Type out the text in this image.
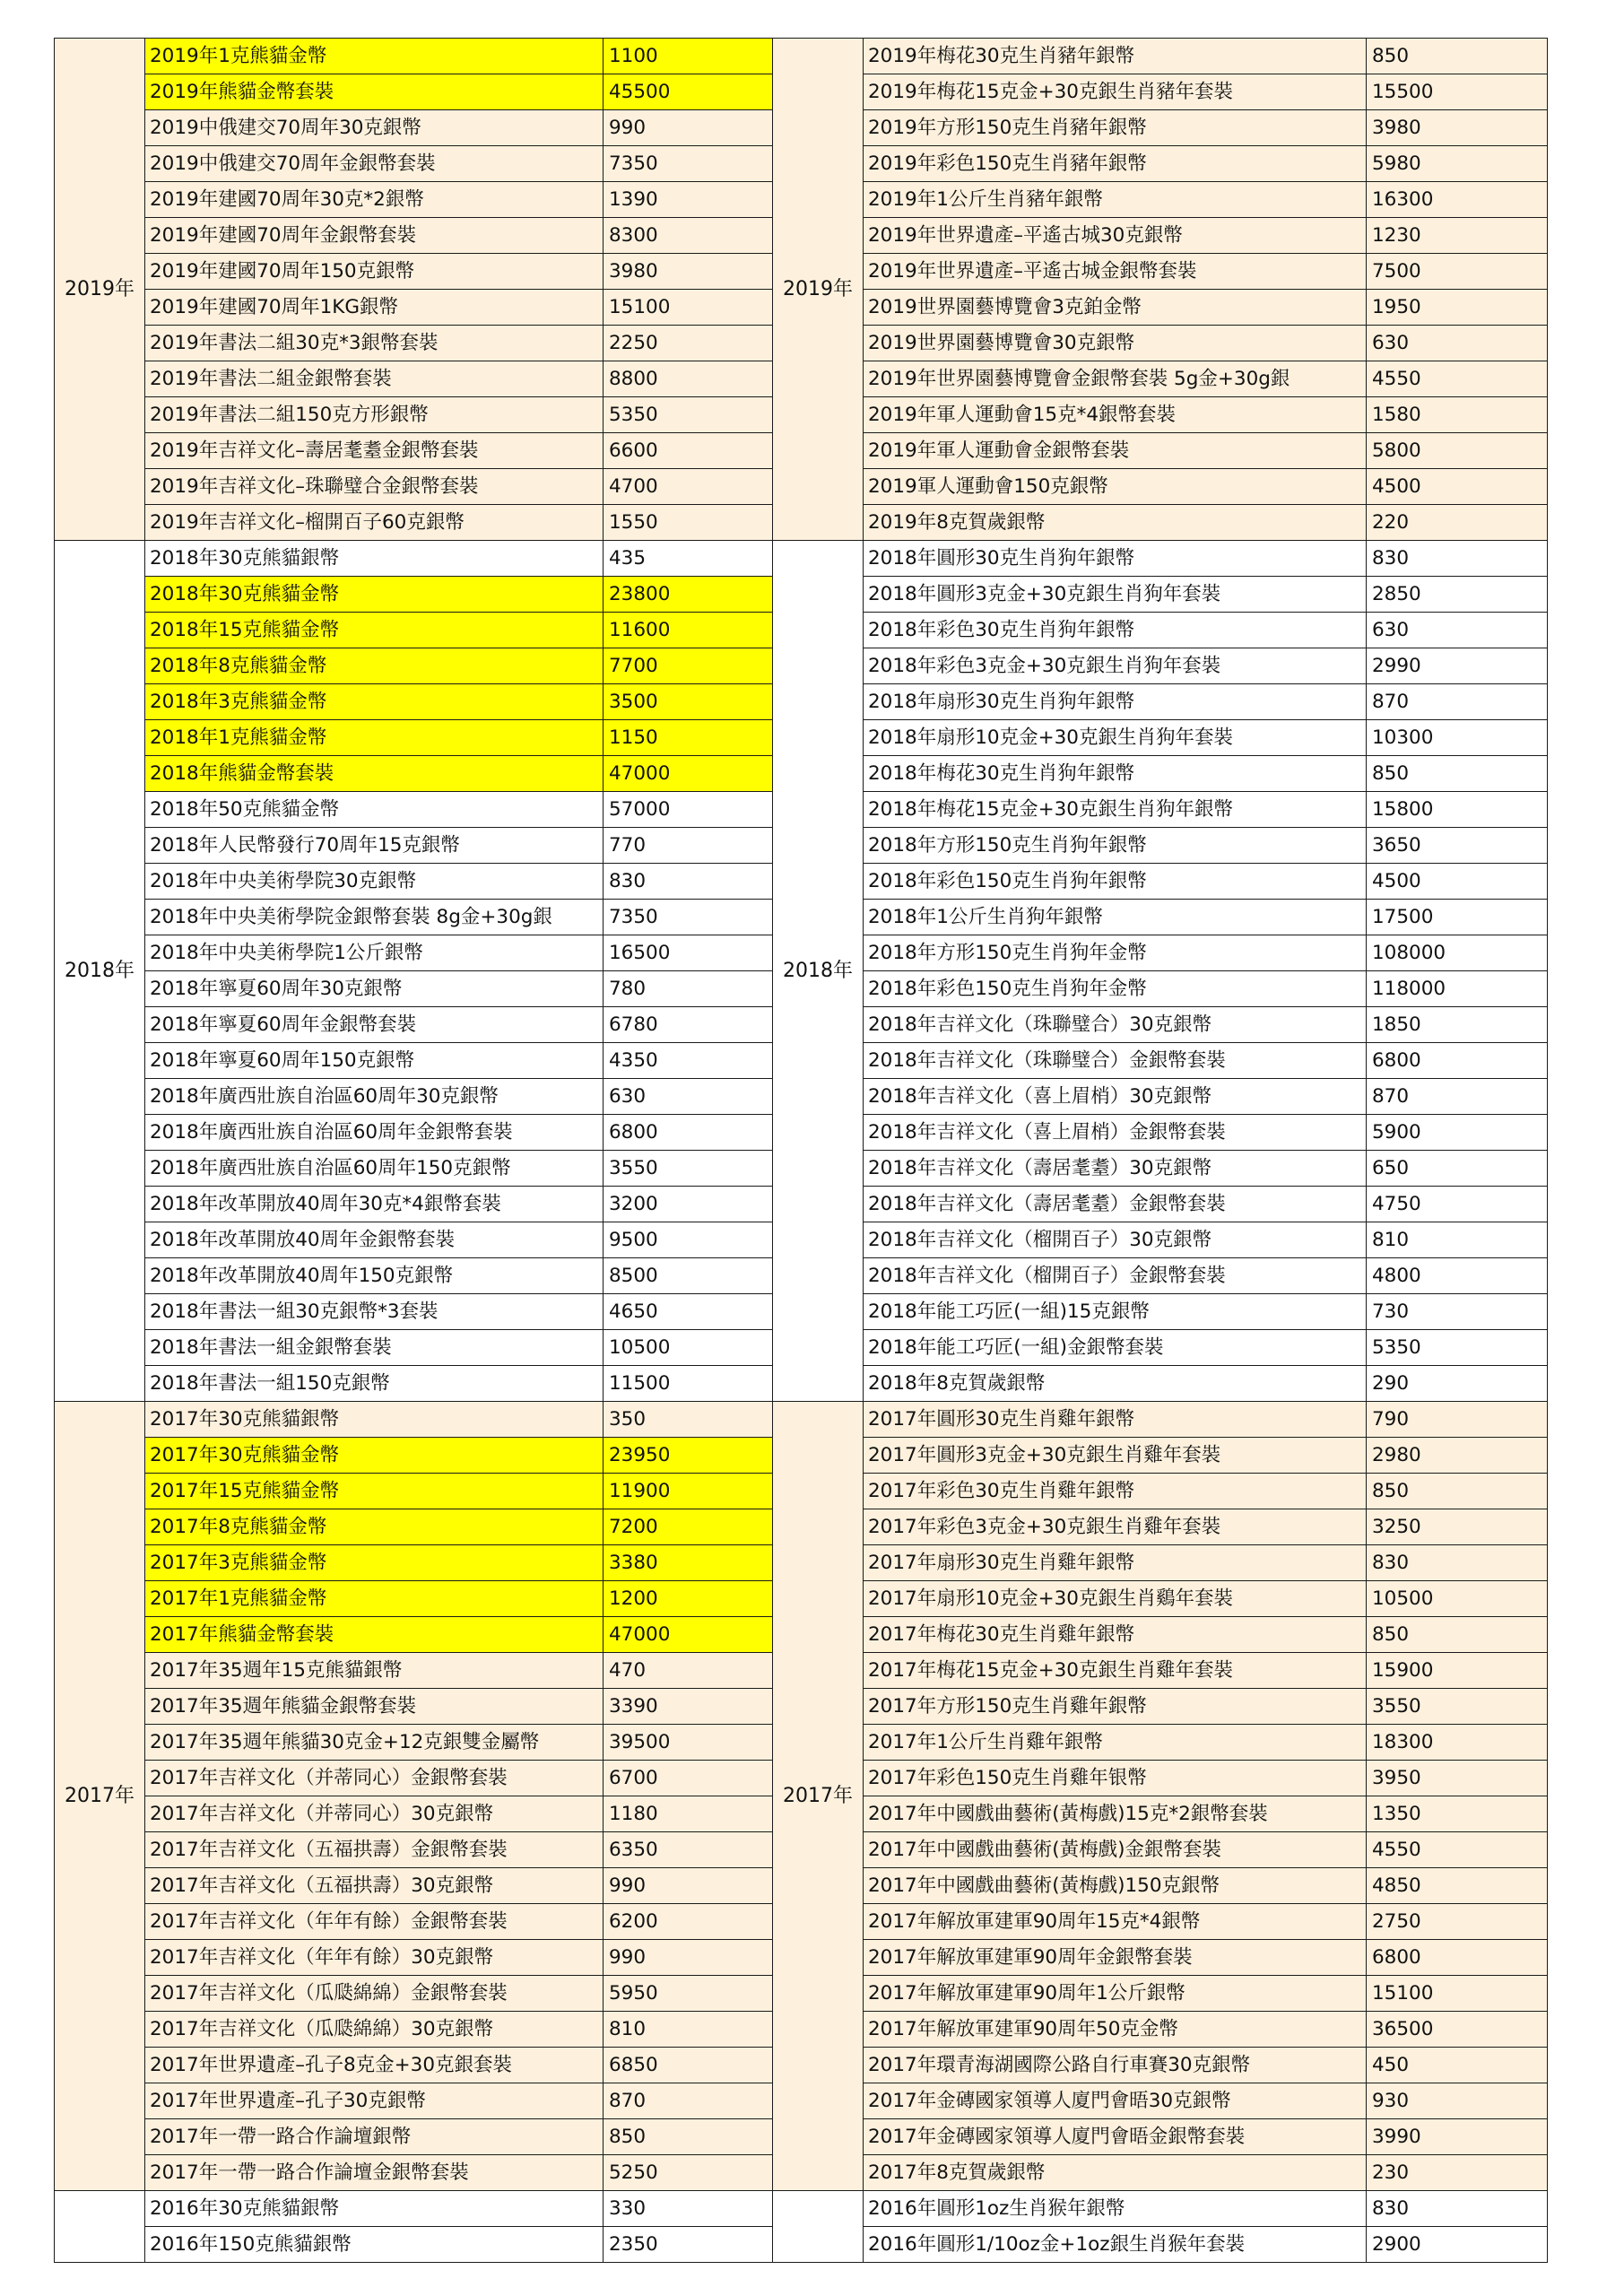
2019年	2019年1克熊貓金幣	1100
	2019年熊貓金幣套裝	45500
	2019中俄建交70周年30克銀幣	990
	2019中俄建交70周年金銀幣套裝	7350
	2019年建國70周年30克*2銀幣	1390
	2019年建國70周年金銀幣套裝	8300
	2019年建國70周年150克銀幣	3980
	2019年建國70周年1KG銀幣	15100
	2019年書法二組30克*3銀幣套裝	2250
	2019年書法二組金銀幣套裝	8800
	2019年書法二組150克方形銀幣	5350
	2019年吉祥文化–壽居耄耋金銀幣套裝	6600
	2019年吉祥文化–珠聯璧合金銀幣套裝	4700
	2019年吉祥文化–榴開百子60克銀幣	1550
2018年	2018年30克熊貓銀幣	435
	2018年30克熊貓金幣	23800
	2018年15克熊貓金幣	11600
	2018年8克熊貓金幣	7700
	2018年3克熊貓金幣	3500
	2018年1克熊貓金幣	1150
	2018年熊貓金幣套裝	47000
	2018年50克熊貓金幣	57000
	2018年人民幣發行70周年15克銀幣	770
	2018年中央美術學院30克銀幣	830
	2018年中央美術學院金銀幣套裝 8g金+30g銀	7350
	2018年中央美術學院1公斤銀幣	16500
	2018年寧夏60周年30克銀幣	780
	2018年寧夏60周年金銀幣套裝	6780
	2018年寧夏60周年150克銀幣	4350
	2018年廣西壯族自治區60周年30克銀幣	630
	2018年廣西壯族自治區60周年金銀幣套裝	6800
	2018年廣西壯族自治區60周年150克銀幣	3550
	2018年改革開放40周年30克*4銀幣套裝	3200
	2018年改革開放40周年金銀幣套裝	9500
	2018年改革開放40周年150克銀幣	8500
	2018年書法一組30克銀幣*3套裝	4650
	2018年書法一組金銀幣套裝	10500
	2018年書法一組150克銀幣	11500
2017年	2017年30克熊貓銀幣	350
	2017年30克熊貓金幣	23950
	2017年15克熊貓金幣	11900
	2017年8克熊貓金幣	7200
	2017年3克熊貓金幣	3380
	2017年1克熊貓金幣	1200
	2017年熊貓金幣套裝	47000
	2017年35週年15克熊貓銀幣	470
	2017年35週年熊貓金銀幣套裝	3390
	2017年35週年熊貓30克金+12克銀雙金屬幣	39500
	2017年吉祥文化（并蒂同心）金銀幣套裝	6700
	2017年吉祥文化（并蒂同心）30克銀幣	1180
	2017年吉祥文化（五福拱壽）金銀幣套裝	6350
	2017年吉祥文化（五福拱壽）30克銀幣	990
	2017年吉祥文化（年年有餘）金銀幣套裝	6200
	2017年吉祥文化（年年有餘）30克銀幣	990
	2017年吉祥文化（瓜瓞綿綿）金銀幣套裝	5950
	2017年吉祥文化（瓜瓞綿綿）30克銀幣	810
	2017年世界遺產–孔子8克金+30克銀套裝	6850
	2017年世界遺產–孔子30克銀幣	870
	2017年一帶一路合作論壇銀幣	850
	2017年一帶一路合作論壇金銀幣套裝	5250
	2016年30克熊貓銀幣	330
	2016年150克熊貓銀幣	2350
2019年	2019年梅花30克生肖豬年銀幣	850
	2019年梅花15克金+30克銀生肖豬年套裝	15500
	2019年方形150克生肖豬年銀幣	3980
	2019年彩色150克生肖豬年銀幣	5980
	2019年1公斤生肖豬年銀幣	16300
	2019年世界遺產–平遙古城30克銀幣	1230
	2019年世界遺產–平遙古城金銀幣套裝	7500
	2019世界園藝博覽會3克鉑金幣	1950
	2019世界園藝博覽會30克銀幣	630
	2019年世界園藝博覽會金銀幣套裝 5g金+30g銀	4550
	2019年軍人運動會15克*4銀幣套裝	1580
	2019年軍人運動會金銀幣套裝	5800
	2019軍人運動會150克銀幣	4500
	2019年8克賀歲銀幣	220
2018年	2018年圓形30克生肖狗年銀幣	830
	2018年圓形3克金+30克銀生肖狗年套裝	2850
	2018年彩色30克生肖狗年銀幣	630
	2018年彩色3克金+30克銀生肖狗年套裝	2990
	2018年扇形30克生肖狗年銀幣	870
	2018年扇形10克金+30克銀生肖狗年套裝	10300
	2018年梅花30克生肖狗年銀幣	850
	2018年梅花15克金+30克銀生肖狗年銀幣	15800
	2018年方形150克生肖狗年銀幣	3650
	2018年彩色150克生肖狗年銀幣	4500
	2018年1公斤生肖狗年銀幣	17500
	2018年方形150克生肖狗年金幣	108000
	2018年彩色150克生肖狗年金幣	118000
	2018年吉祥文化（珠聯璧合）30克銀幣	1850
	2018年吉祥文化（珠聯璧合）金銀幣套裝	6800
	2018年吉祥文化（喜上眉梢）30克銀幣	870
	2018年吉祥文化（喜上眉梢）金銀幣套裝	5900
	2018年吉祥文化（壽居耄耋）30克銀幣	650
	2018年吉祥文化（壽居耄耋）金銀幣套裝	4750
	2018年吉祥文化（榴開百子）30克銀幣	810
	2018年吉祥文化（榴開百子）金銀幣套裝	4800
	2018年能工巧匠(一組)15克銀幣	730
	2018年能工巧匠(一組)金銀幣套裝	5350
	2018年8克賀歲銀幣	290
2017年	2017年圓形30克生肖雞年銀幣	790
	2017年圓形3克金+30克銀生肖雞年套裝	2980
	2017年彩色30克生肖雞年銀幣	850
	2017年彩色3克金+30克銀生肖雞年套裝	3250
	2017年扇形30克生肖雞年銀幣	830
	2017年扇形10克金+30克銀生肖鷄年套裝	10500
	2017年梅花30克生肖雞年銀幣	850
	2017年梅花15克金+30克銀生肖雞年套裝	15900
	2017年方形150克生肖雞年銀幣	3550
	2017年1公斤生肖雞年銀幣	18300
	2017年彩色150克生肖雞年银幣	3950
	2017年中國戲曲藝術(黃梅戲)15克*2銀幣套裝	1350
	2017年中國戲曲藝術(黃梅戲)金銀幣套裝	4550
	2017年中國戲曲藝術(黃梅戲)150克銀幣	4850
	2017年解放軍建軍90周年15克*4銀幣	2750
	2017年解放軍建軍90周年金銀幣套裝	6800
	2017年解放軍建軍90周年1公斤銀幣	15100
	2017年解放軍建軍90周年50克金幣	36500
	2017年環青海湖國際公路自行車賽30克銀幣	450
	2017年金磚國家領導人廈門會晤30克銀幣	930
	2017年金磚國家領導人廈門會晤金銀幣套裝	3990
	2017年8克賀歲銀幣	230
	2016年圓形1oz生肖猴年銀幣	830
	2016年圓形1/10oz金+1oz銀生肖猴年套裝	2900
